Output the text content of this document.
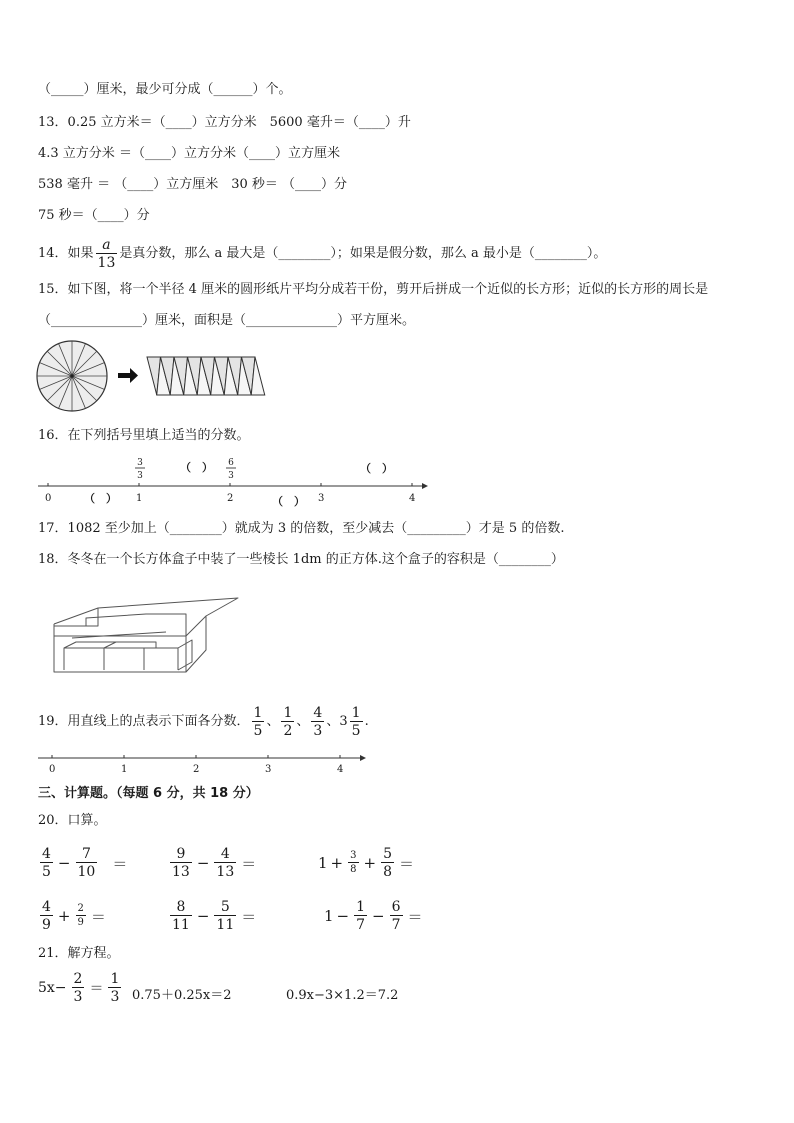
（_____）厘米，最少可分成（______）个。
13．0.25 立方米＝（____）立方分米　5600 毫升＝（____）升
4.3 立方分米 ＝（____）立方分米（____）立方厘米
538 毫升 ＝ （____）立方厘米　30 秒＝ （____）分
75 秒＝（____）分
14．如果 $\frac{a}{13}$ 是真分数，那么 a 最大是（________）；如果是假分数，那么 a 最小是（________）。
15．如下图，将一个半径 4 厘米的圆形纸片平均分成若干份，剪开后拼成一个近似的长方形；近似的长方形的周长是
（______________）厘米，面积是（______________）平方厘米。
16．在下列括号里填上适当的分数。
0	1	2	3	4
（　）	（　）
（　）	（　）
3
3
6
3
17．1082 至少加上（________）就成为 3 的倍数，至少减去（_________）才是 5 的倍数.
18．冬冬在一个长方体盒子中装了一些棱长 1dm 的正方体.这个盒子的容积是（________）
19．用直线上的点表示下面各分数． $\frac{1}{5}$ 、 $\frac{1}{2}$ 、 $\frac{4}{3}$ 、 $3 \frac{1}{5}$ .
0	1	2	3	4
三、计算题。（每题 6 分，共 18 分）
20．口算。
$\frac{4}{5} - \frac{7}{10}$ ＝	$\frac{9}{13} - \frac{4}{13}$ ＝	$1 + \frac{3}{8} + \frac{5}{8}$ ＝
$\frac{4}{9} + \frac{2}{9}$ ＝	$\frac{8}{11} - \frac{5}{11}$ ＝	$1 - \frac{1}{7} - \frac{6}{7}$ ＝
21．解方程。
$5x- \frac{2}{3} = \frac{1}{3} 0.75+0.25x=2$	0.9x−3×1.2＝7.2
